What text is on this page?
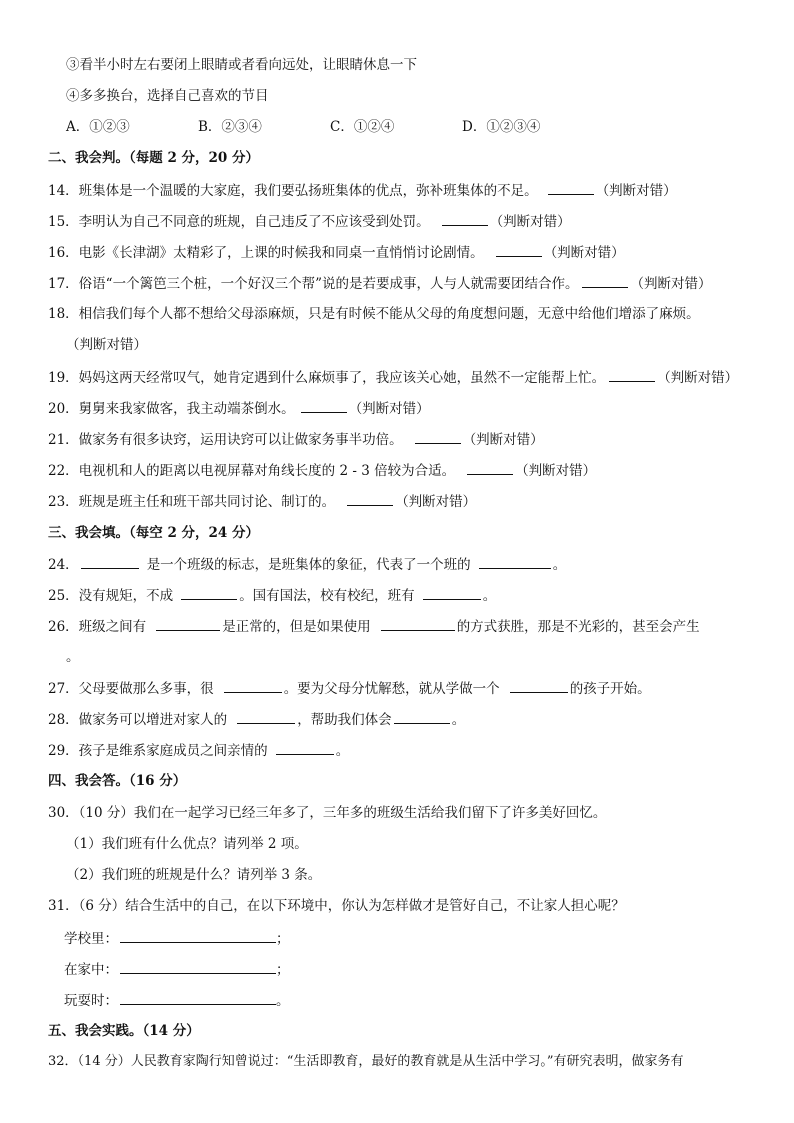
③看半小时左右要闭上眼睛或者看向远处，让眼睛休息一下
④多多换台，选择自己喜欢的节目
A．①②③	B．②③④	C．①②④	D．①②③④
二、我会判。（每题 2 分，20 分）
14．班集体是一个温暖的大家庭，我们要弘扬班集体的优点，弥补班集体的不足。	（判断对错）
15．李明认为自己不同意的班规，自己违反了不应该受到处罚。	（判断对错）
16．电影《长津湖》太精彩了，上课的时候我和同桌一直悄悄讨论剧情。	（判断对错）
17．俗语“一个篱笆三个桩，一个好汉三个帮”说的是若要成事，人与人就需要团结合作。	（判断对错）
18．相信我们每个人都不想给父母添麻烦，只是有时候不能从父母的角度想问题，无意中给他们增添了麻烦。
（判断对错）
19．妈妈这两天经常叹气，她肯定遇到什么麻烦事了，我应该关心她，虽然不一定能帮上忙。	（判断对错）
20．舅舅来我家做客，我主动端茶倒水。	（判断对错）
21．做家务有很多诀窍，运用诀窍可以让做家务事半功倍。	（判断对错）
22．电视机和人的距离以电视屏幕对角线长度的 2 - 3 倍较为合适。	（判断对错）
23．班规是班主任和班干部共同讨论、制订的。	（判断对错）
三、我会填。（每空 2 分，24 分）
24．	是一个班级的标志，是班集体的象征，代表了一个班的	。
25．没有规矩，不成	。国有国法，校有校纪，班有	。
26．班级之间有	是正常的，但是如果使用	的方式获胜，那是不光彩的，甚至会产生
。
27．父母要做那么多事，很	。要为父母分忧解愁，就从学做一个	的孩子开始。
28．做家务可以增进对家人的	，帮助我们体会	。
29．孩子是维系家庭成员之间亲情的	。
四、我会答。（16 分）
30．（10 分）我们在一起学习已经三年多了，三年多的班级生活给我们留下了许多美好回忆。
（1）我们班有什么优点？请列举 2 项。
（2）我们班的班规是什么？请列举 3 条。
31．（6 分）结合生活中的自己，在以下环境中，你认为怎样做才是管好自己，不让家人担心呢？
学校里：	；
在家中：	；
玩耍时：	。
五、我会实践。（14 分）
32．（14 分）人民教育家陶行知曾说过：“生活即教育，最好的教育就是从生活中学习。”有研究表明，做家务有
